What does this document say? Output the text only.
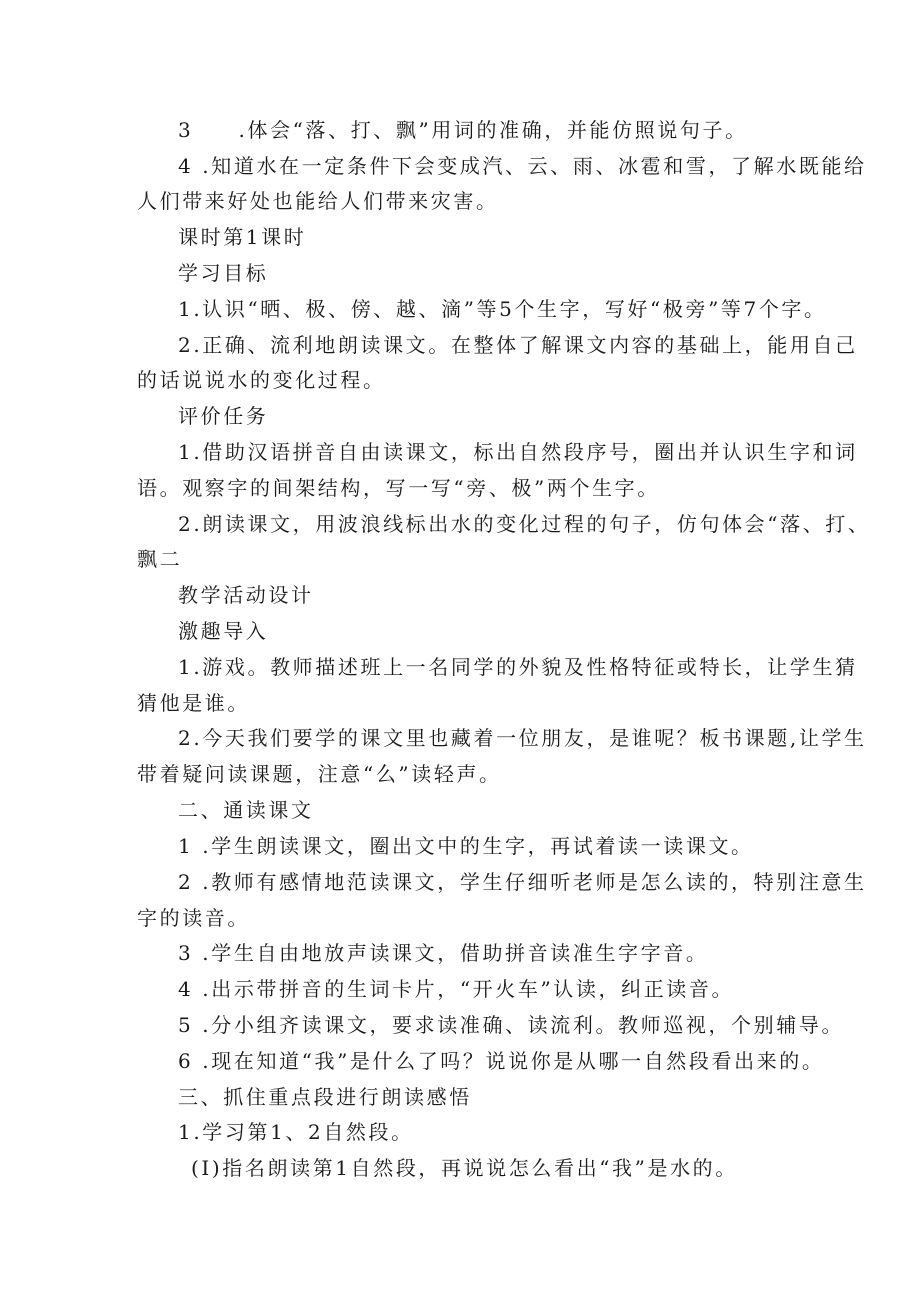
3　　.体会“落、打、飘”用词的准确，并能仿照说句子。
4 .知道水在一定条件下会变成汽、云、雨、冰雹和雪，了解水既能给
人们带来好处也能给人们带来灾害。
课时第1课时
学习目标
1.认识“晒、极、傍、越、滴”等5个生字，写好“极旁”等7个字。
2.正确、流利地朗读课文。在整体了解课文内容的基础上，能用自己
的话说说水的变化过程。
评价任务
1.借助汉语拼音自由读课文，标出自然段序号，圈出并认识生字和词
语。观察字的间架结构，写一写“旁、极”两个生字。
2.朗读课文，用波浪线标出水的变化过程的句子，仿句体会“落、打、
飘二
教学活动设计
激趣导入
1.游戏。教师描述班上一名同学的外貌及性格特征或特长，让学生猜
猜他是谁。
2.今天我们要学的课文里也藏着一位朋友，是谁呢？板书课题,让学生
带着疑问读课题，注意“么”读轻声。
二、通读课文
1 .学生朗读课文，圈出文中的生字，再试着读一读课文。
2 .教师有感情地范读课文，学生仔细听老师是怎么读的，特别注意生
字的读音。
3 .学生自由地放声读课文，借助拼音读准生字字音。
4 .出示带拼音的生词卡片，“开火车”认读，纠正读音。
5 .分小组齐读课文，要求读准确、读流利。教师巡视，个别辅导。
6 .现在知道“我”是什么了吗？说说你是从哪一自然段看出来的。
三、抓住重点段进行朗读感悟
1.学习第1、2自然段。
(I)指名朗读第1自然段，再说说怎么看出“我”是水的。
